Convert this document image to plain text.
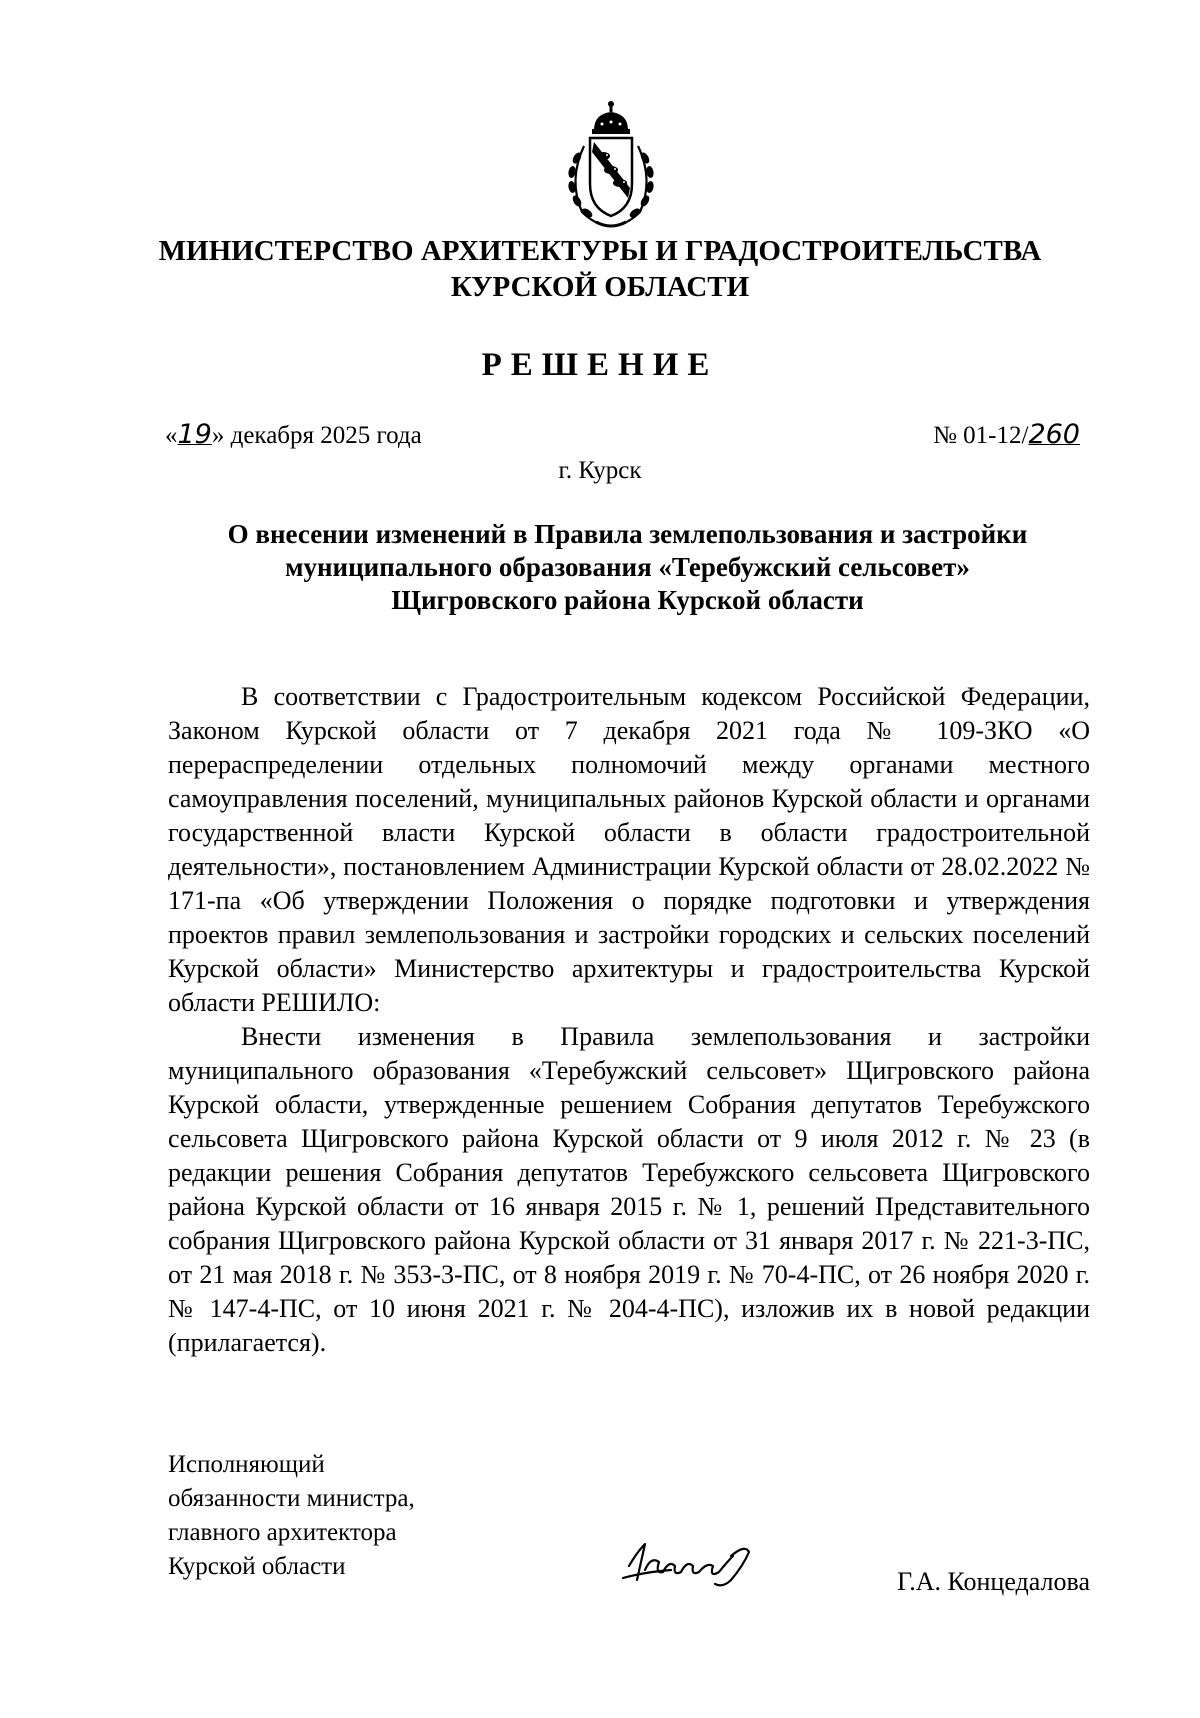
МИНИСТЕРСТВО АРХИТЕКТУРЫ И ГРАДОСТРОИТЕЛЬСТВА
КУРСКОЙ ОБЛАСТИ
РЕШЕНИЕ
«19» декабря 2025 года	№ 01-12/260
г. Курск
О внесении изменений в Правила землепользования и застройки
муниципального образования «Теребужский сельсовет»
Щигровского района Курской области

В соответствии с Градостроительным кодексом Российской Федерации, Законом Курской области от 7 декабря 2021 года № 109-ЗКО «О перераспределении отдельных полномочий между органами местного самоуправления поселений, муниципальных районов Курской области и органами государственной власти Курской области в области градостроительной деятельности», постановлением Администрации Курской области от 28.02.2022 № 171-па «Об утверждении Положения о порядке подготовки и утверждения проектов правил землепользования и застройки городских и сельских поселений Курской области» Министерство архитектуры и градостроительства Курской области РЕШИЛО:

Внести изменения в Правила землепользования и застройки муниципального образования «Теребужский сельсовет» Щигровского района Курской области, утвержденные решением Собрания депутатов Теребужского сельсовета Щигровского района Курской области от 9 июля 2012 г. № 23 (в редакции решения Собрания депутатов Теребужского сельсовета Щигровского района Курской области от 16 января 2015 г. № 1, решений Представительного собрания Щигровского района Курской области от 31 января 2017 г. № 221-3-ПС, от 21 мая 2018 г. № 353-3-ПС, от 8 ноября 2019 г. № 70-4-ПС, от 26 ноября 2020 г. № 147-4-ПС, от 10 июня 2021 г. № 204-4-ПС), изложив их в новой редакции (прилагается).

Исполняющий
обязанности министра,
главного архитектора
Курской области
Г.А. Концедалова
